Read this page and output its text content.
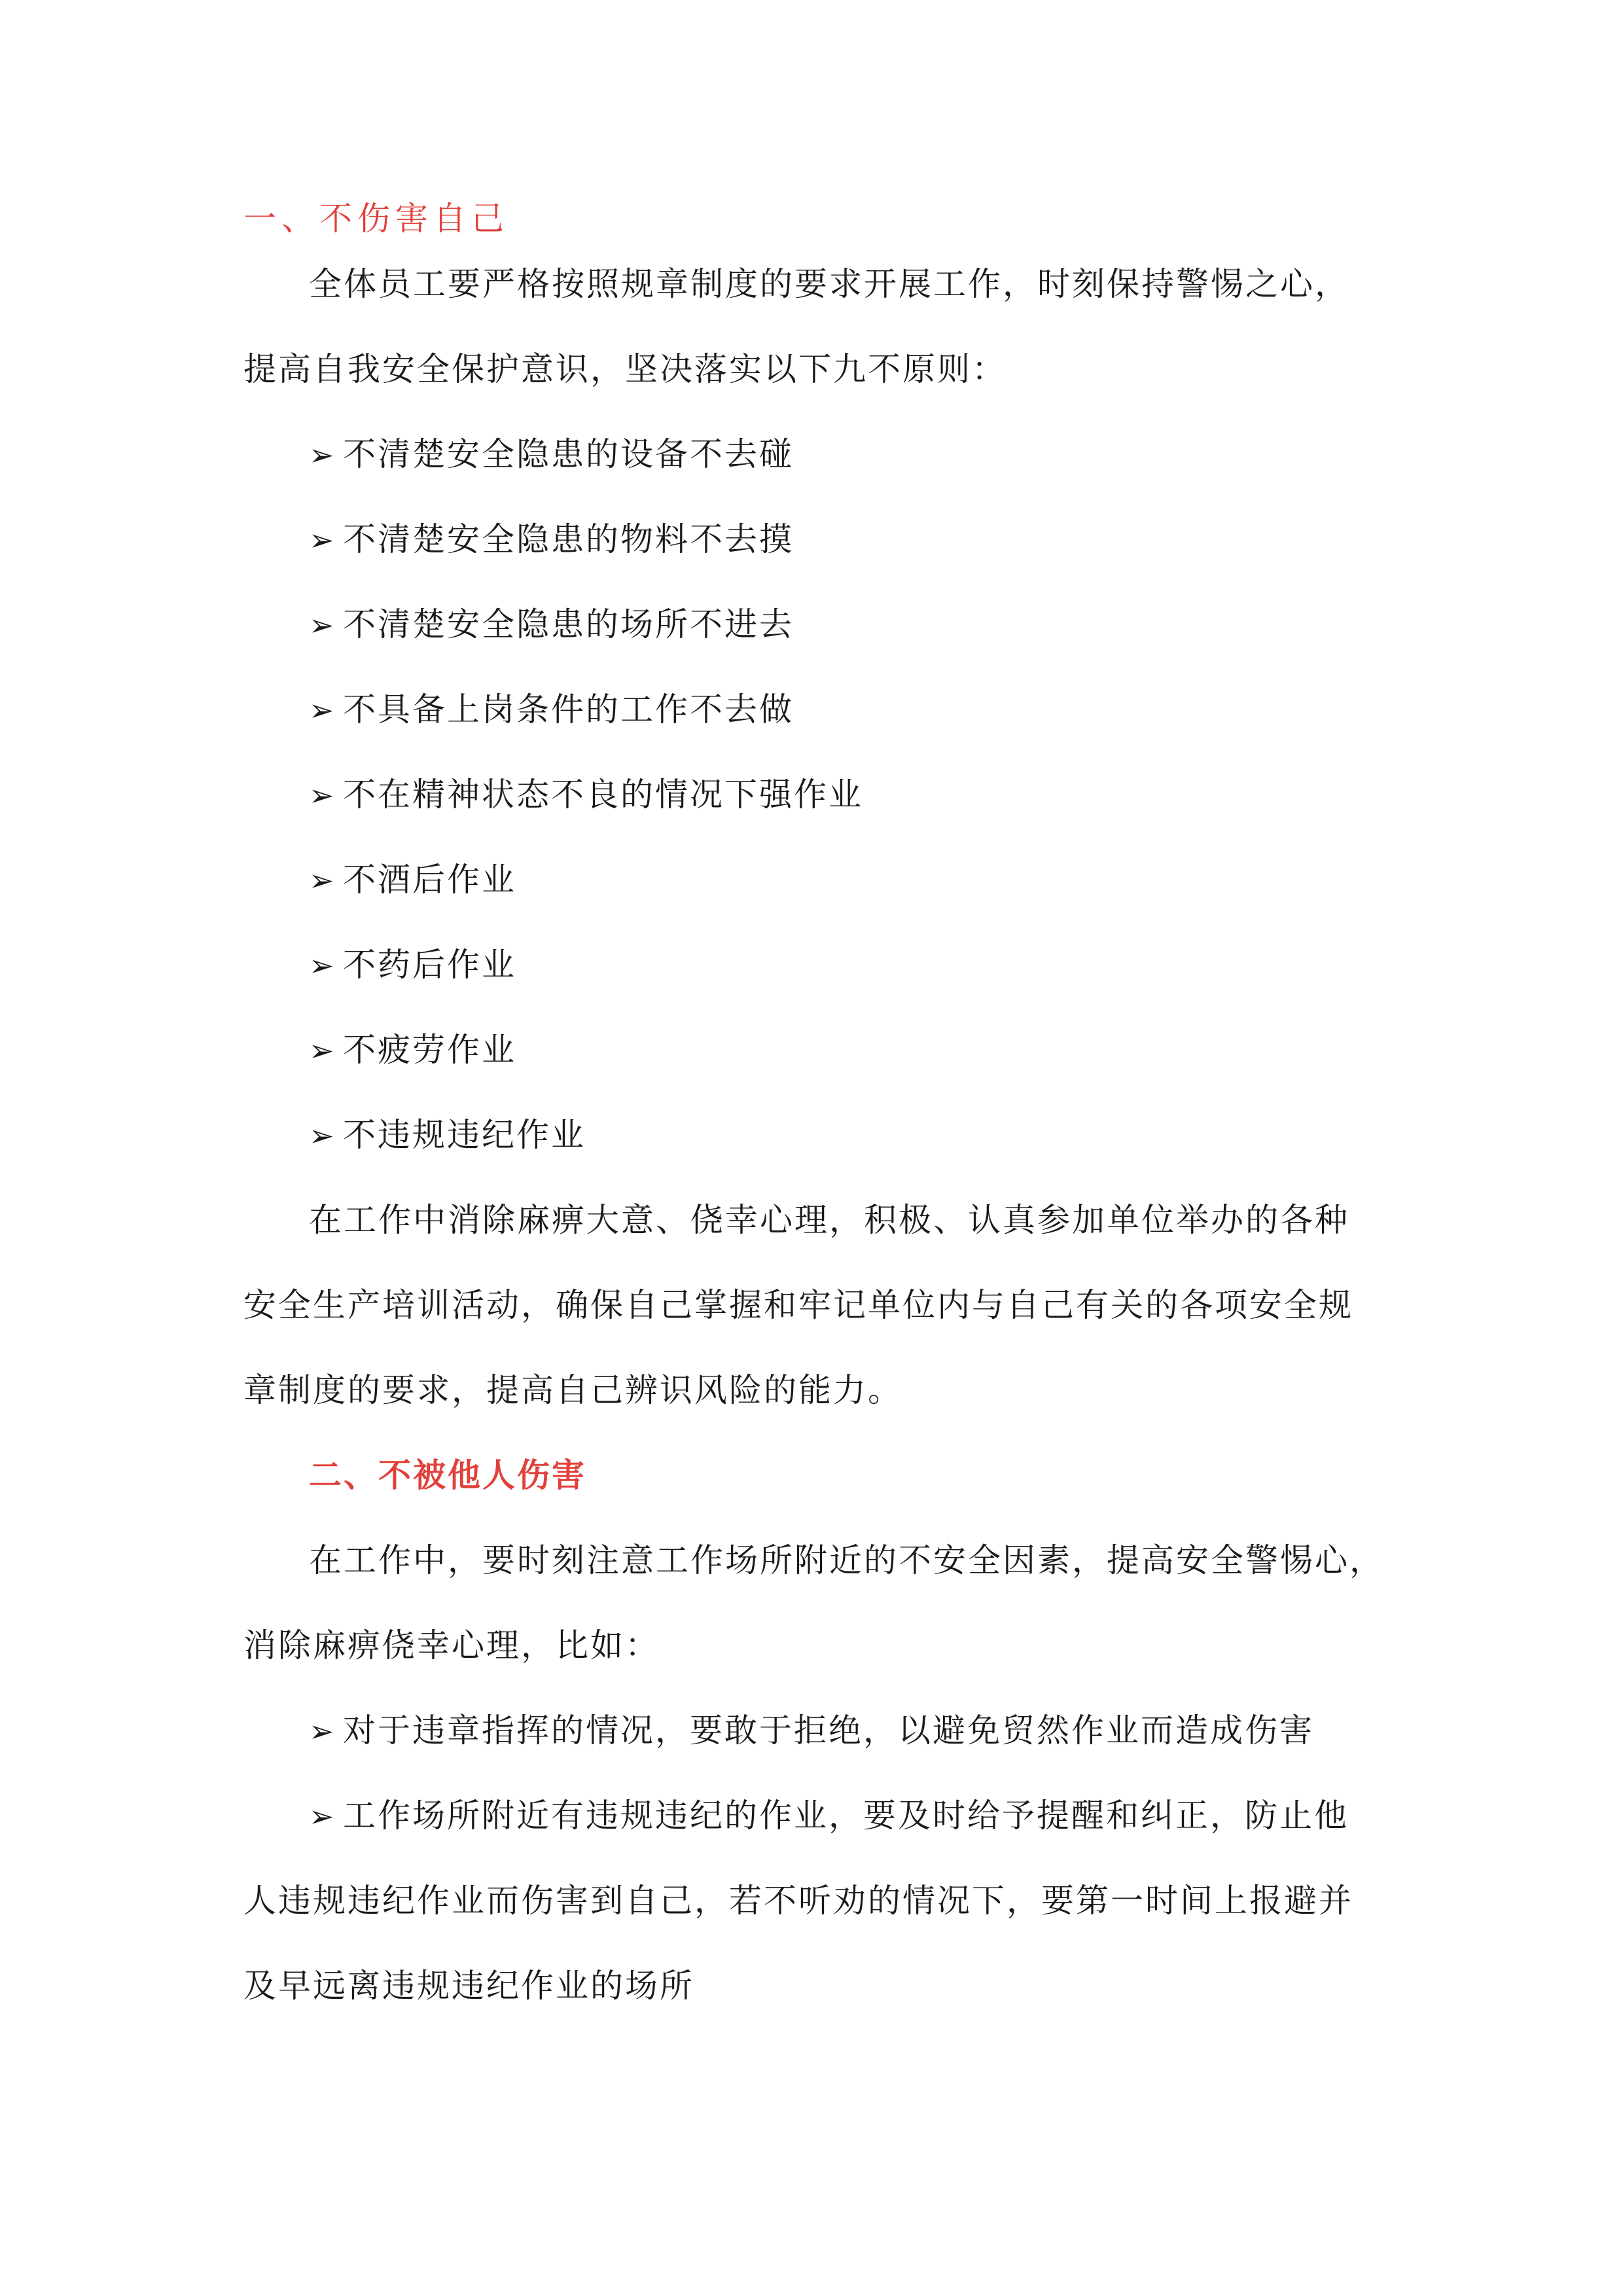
一、不伤害自己
全体员工要严格按照规章制度的要求开展工作，时刻保持警惕之心，
提高自我安全保护意识，坚决落实以下九不原则：
➢ 不清楚安全隐患的设备不去碰
➢ 不清楚安全隐患的物料不去摸
➢ 不清楚安全隐患的场所不进去
➢ 不具备上岗条件的工作不去做
➢ 不在精神状态不良的情况下强作业
➢ 不酒后作业
➢ 不药后作业
➢ 不疲劳作业
➢ 不违规违纪作业
在工作中消除麻痹大意、侥幸心理，积极、认真参加单位举办的各种
安全生产培训活动，确保自己掌握和牢记单位内与自己有关的各项安全规
章制度的要求，提高自己辨识风险的能力。
二、不被他人伤害
在工作中，要时刻注意工作场所附近的不安全因素，提高安全警惕心，
消除麻痹侥幸心理，比如：
➢ 对于违章指挥的情况，要敢于拒绝，以避免贸然作业而造成伤害
➢ 工作场所附近有违规违纪的作业，要及时给予提醒和纠正，防止他
人违规违纪作业而伤害到自己，若不听劝的情况下，要第一时间上报避并
及早远离违规违纪作业的场所
